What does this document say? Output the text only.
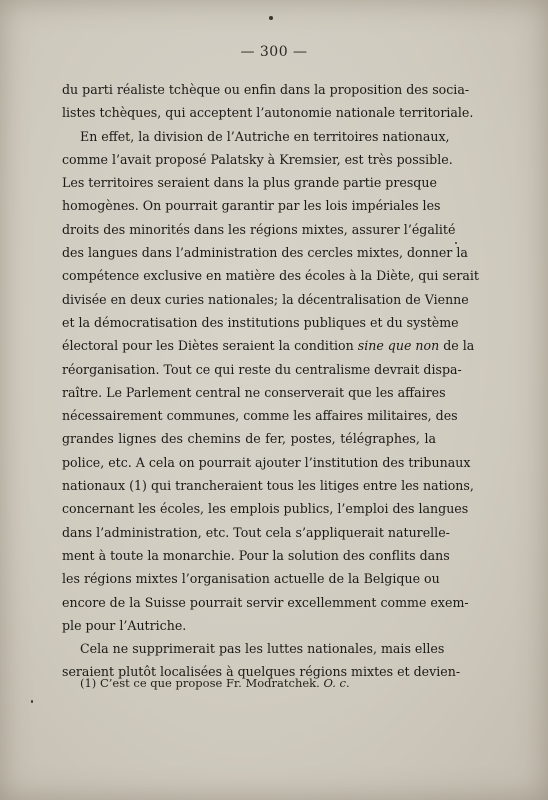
— 300 —
du parti réaliste tchèque ou enfin dans la proposition des socia-
listes tchèques, qui acceptent l’autonomie nationale territoriale.
En effet, la division de l’Autriche en territoires nationaux,
comme l’avait proposé Palatsky à Kremsier, est très possible.
Les territoires seraient dans la plus grande partie presque
homogènes. On pourrait garantir par les lois impériales les
droits des minorités dans les régions mixtes, assurer l’égalité
des langues dans l’administration des cercles mixtes, donner la
compétence exclusive en matière des écoles à la Diète, qui serait
divisée en deux curies nationales; la décentralisation de Vienne
et la démocratisation des institutions publiques et du système
électoral pour les Diètes seraient la condition sine que non de la
réorganisation. Tout ce qui reste du centralisme devrait dispa-
raître. Le Parlement central ne conserverait que les affaires
nécessairement communes, comme les affaires militaires, des
grandes lignes des chemins de fer, postes, télégraphes, la
police, etc. A cela on pourrait ajouter l’institution des tribunaux
nationaux (1) qui trancheraient tous les litiges entre les nations,
concernant les écoles, les emplois publics, l’emploi des langues
dans l’administration, etc. Tout cela s’appliquerait naturelle-
ment à toute la monarchie. Pour la solution des conflits dans
les régions mixtes l’organisation actuelle de la Belgique ou
encore de la Suisse pourrait servir excellemment comme exem-
ple pour l’Autriche.
Cela ne supprimerait pas les luttes nationales, mais elles
seraient plutôt localisées à quelques régions mixtes et devien-
(1) C’est ce que propose Fr. Modratchek. O. c.
